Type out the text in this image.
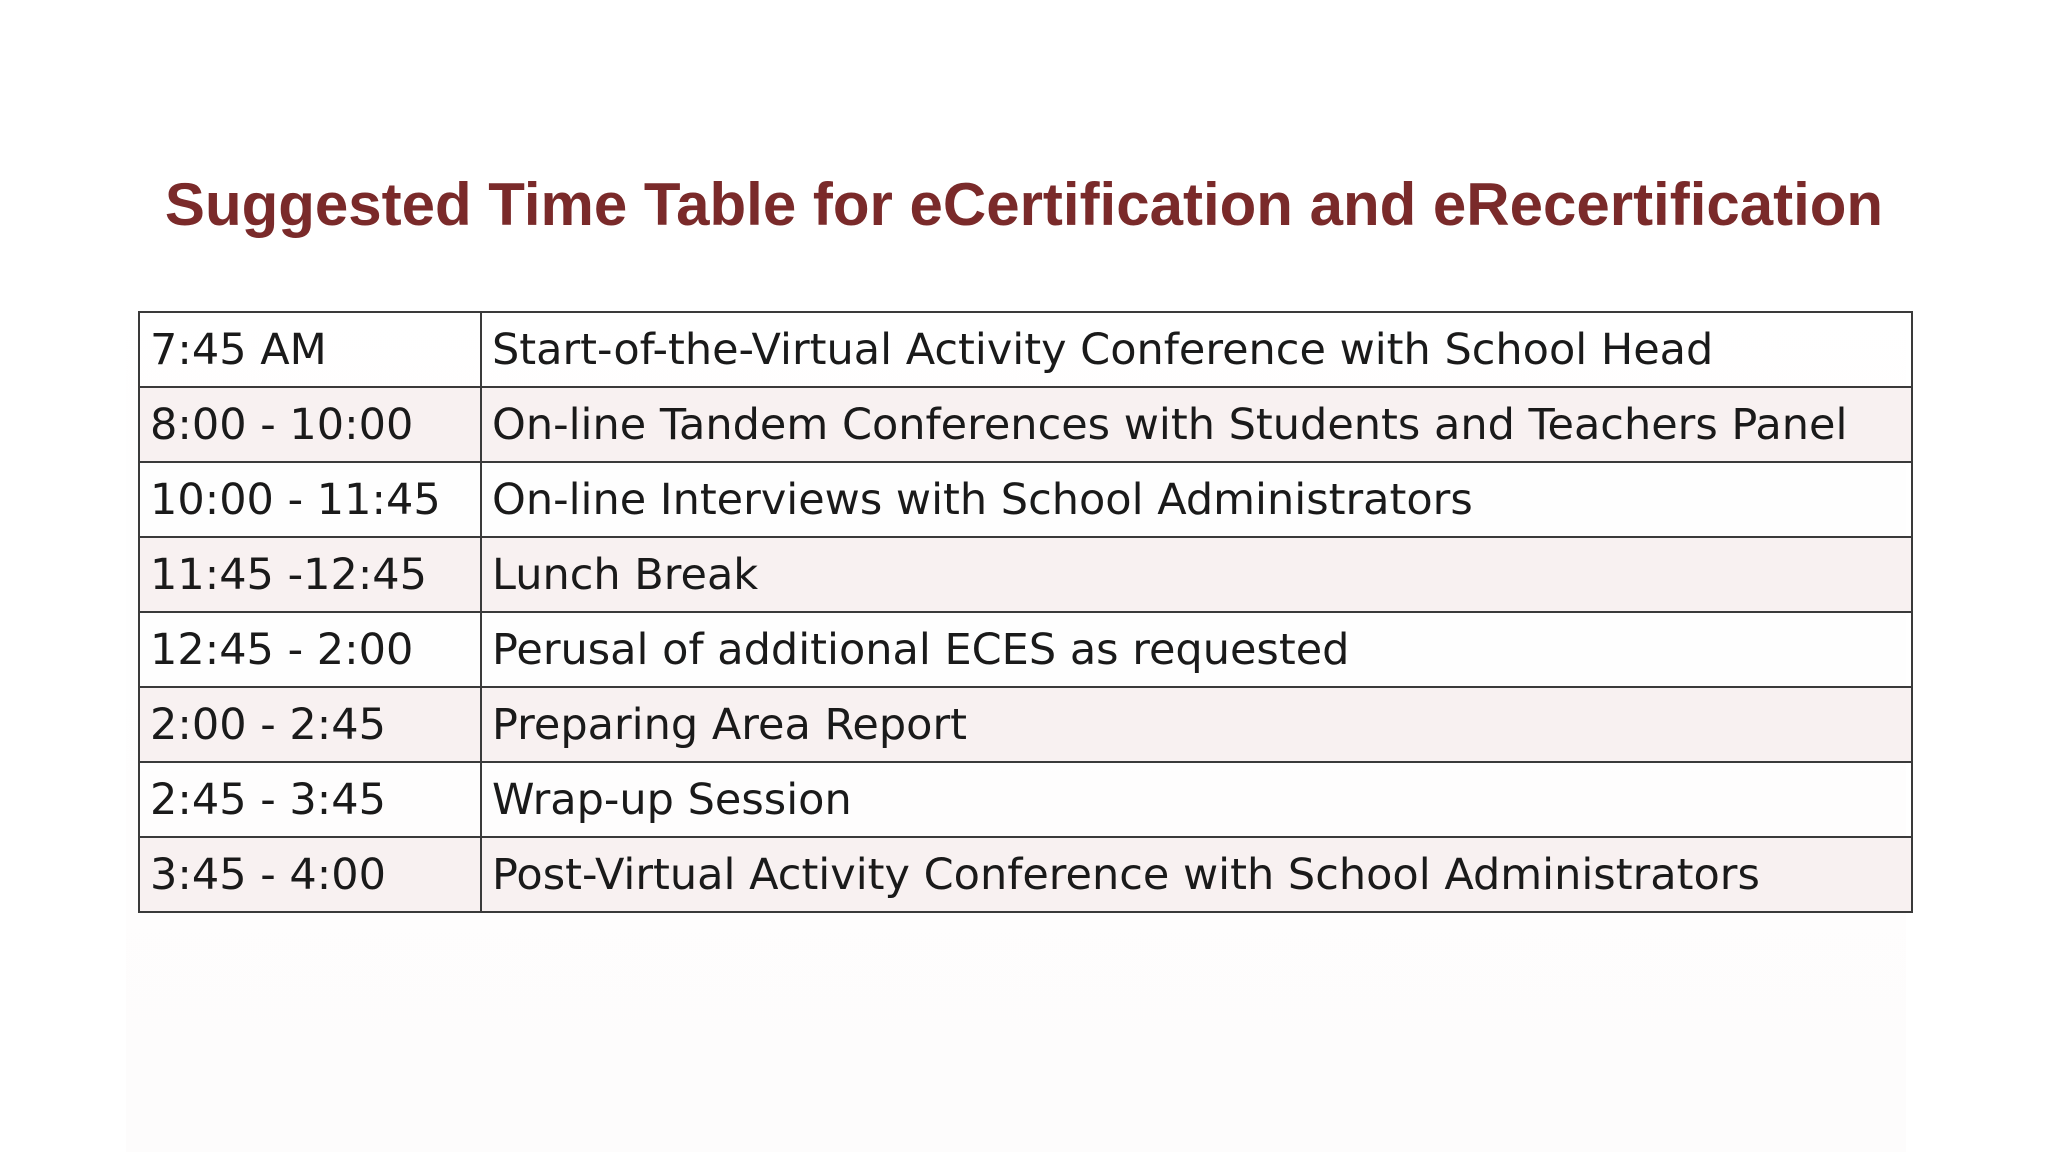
Suggested Time Table for eCertification and eRecertification
7:45 AM	Start-of-the-Virtual Activity Conference with School Head
8:00 - 10:00	On-line Tandem Conferences with Students and Teachers Panel
10:00 - 11:45	On-line Interviews with School Administrators
11:45 -12:45	Lunch Break
12:45 - 2:00	Perusal of additional ECES as requested
2:00 - 2:45	Preparing Area Report
2:45 - 3:45	Wrap-up Session
3:45 - 4:00	Post-Virtual Activity Conference with School Administrators
